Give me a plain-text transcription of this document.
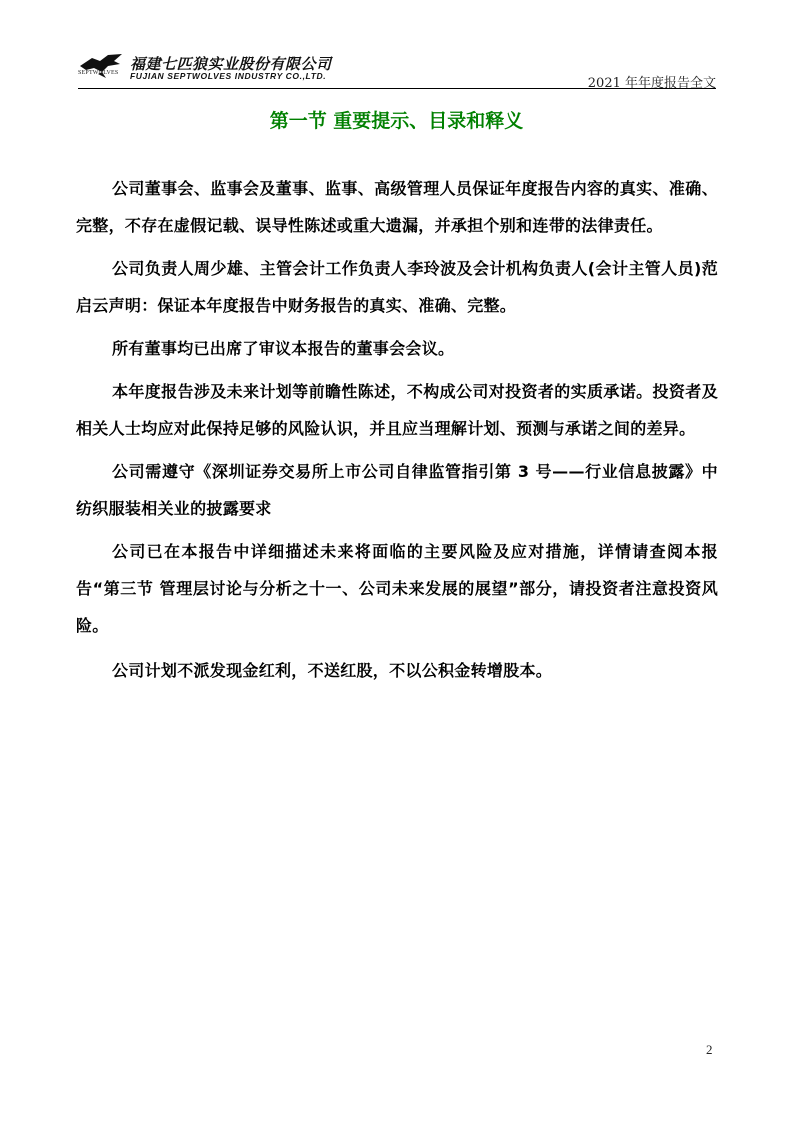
SEPTWOLVES 福建七匹狼实业股份有限公司
FUJIAN SEPTWOLVES INDUSTRY CO.,LTD.	2021 年年度报告全文
第一节 重要提示、目录和释义

公司董事会、监事会及董事、监事、高级管理人员保证年度报告内容的真实、准确、完整，不存在虚假记载、误导性陈述或重大遗漏，并承担个别和连带的法律责任。

公司负责人周少雄、主管会计工作负责人李玲波及会计机构负责人(会计主管人员)范启云声明：保证本年度报告中财务报告的真实、准确、完整。

所有董事均已出席了审议本报告的董事会会议。

本年度报告涉及未来计划等前瞻性陈述，不构成公司对投资者的实质承诺。投资者及相关人士均应对此保持足够的风险认识，并且应当理解计划、预测与承诺之间的差异。

公司需遵守《深圳证券交易所上市公司自律监管指引第 3 号——行业信息披露》中纺织服装相关业的披露要求

公司已在本报告中详细描述未来将面临的主要风险及应对措施，详情请查阅本报告“第三节 管理层讨论与分析之十一、公司未来发展的展望”部分，请投资者注意投资风险。

公司计划不派发现金红利，不送红股，不以公积金转增股本。

2
